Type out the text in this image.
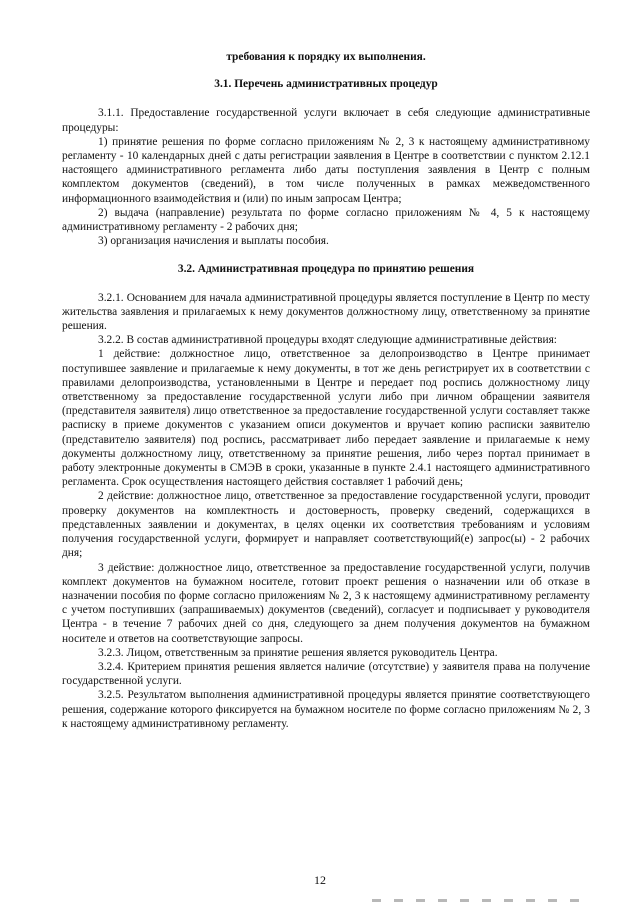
требования к порядку их выполнения.
3.1. Перечень административных процедур

3.1.1. Предоставление государственной услуги включает в себя следующие административные процедуры:

1) принятие решения по форме согласно приложениям № 2, 3 к настоящему административному регламенту - 10 календарных дней с даты регистрации заявления в Центре в соответствии с пунктом 2.12.1 настоящего административного регламента либо даты поступления заявления в Центр с полным комплектом документов (сведений), в том числе полученных в рамках межведомственного информационного взаимодействия и (или) по иным запросам Центра;

2) выдача (направление) результата по форме согласно приложениям № 4, 5 к настоящему административному регламенту - 2 рабочих дня;

3) организация начисления и выплаты пособия.

3.2. Административная процедура по принятию решения

3.2.1. Основанием для начала административной процедуры является поступление в Центр по месту жительства заявления и прилагаемых к нему документов должностному лицу, ответственному за принятие решения.

3.2.2. В состав административной процедуры входят следующие административные действия:

1 действие: должностное лицо, ответственное за делопроизводство в Центре принимает поступившее заявление и прилагаемые к нему документы, в тот же день регистрирует их в соответствии с правилами делопроизводства, установленными в Центре и передает под роспись должностному лицу ответственному за предоставление государственной услуги либо при личном обращении заявителя (представителя заявителя) лицо ответственное за предоставление государственной услуги составляет также расписку в приеме документов с указанием описи документов и вручает копию расписки заявителю (представителю заявителя) под роспись, рассматривает либо передает заявление и прилагаемые к нему документы должностному лицу, ответственному за принятие решения, либо через портал принимает в работу электронные документы в СМЭВ в сроки, указанные в пункте 2.4.1 настоящего административного регламента. Срок осуществления настоящего действия составляет 1 рабочий день;

2 действие: должностное лицо, ответственное за предоставление государственной услуги, проводит проверку документов на комплектность и достоверность, проверку сведений, содержащихся в представленных заявлении и документах, в целях оценки их соответствия требованиям и условиям получения государственной услуги, формирует и направляет соответствующий(е) запрос(ы) - 2 рабочих дня;

3 действие: должностное лицо, ответственное за предоставление государственной услуги, получив комплект документов на бумажном носителе, готовит проект решения о назначении или об отказе в назначении пособия по форме согласно приложениям № 2, 3 к настоящему административному регламенту с учетом поступивших (запрашиваемых) документов (сведений), согласует и подписывает у руководителя Центра - в течение 7 рабочих дней со дня, следующего за днем получения документов на бумажном носителе и ответов на соответствующие запросы.

3.2.3. Лицом, ответственным за принятие решения является руководитель Центра.

3.2.4. Критерием принятия решения является наличие (отсутствие) у заявителя права на получение государственной услуги.

3.2.5. Результатом выполнения административной процедуры является принятие соответствующего решения, содержание которого фиксируется на бумажном носителе по форме согласно приложениям № 2, 3 к настоящему административному регламенту.

12
